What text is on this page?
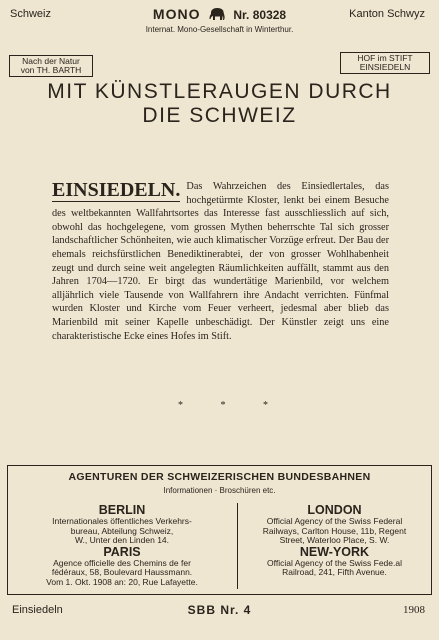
Schweiz	MONO	Nr. 80328
Internat. Mono-Gesellschaft in Winterthur.
Kanton Schwyz
Nach der Natur
von TH. BARTH
HOF im STIFT
EINSIEDELN
MIT KÜNSTLERAUGEN DURCH
DIE SCHWEIZ
EINSIEDELN. Das Wahrzeichen des Einsiedlertales, das hochgetürmte Kloster, lenkt bei einem Besuche des weltbekannten Wallfahrtsortes das Interesse fast ausschliesslich auf sich, obwohl das hochgelegene, vom grossen Mythen beherrschte Tal sich grosser landschaftlicher Schönheiten, wie auch klimatischer Vorzüge erfreut. Der Bau der ehemals reichsfürstlichen Benediktinerabtei, der von grosser Wohlhabenheit zeugt und durch seine weit angelegten Räumlichkeiten auffällt, stammt aus den Jahren 1704—1720. Er birgt das wundertätige Marienbild, vor welchem alljährlich viele Tausende von Wallfahrern ihre Andacht verrichten. Fünfmal wurden Kloster und Kirche vom Feuer verheert, jedesmal aber blieb das Marienbild mit seiner Kapelle unbeschädigt. Der Künstler zeigt uns eine charakteristische Ecke eines Hofes im Stift.
*	*	*
AGENTUREN DER SCHWEIZERISCHEN BUNDESBAHNEN
Informationen · Broschüren etc.
BERLIN
Internationales öffentliches Verkehrs-
bureau, Abteilung Schweiz,
W., Unter den Linden 14.
PARIS
Agence officielle des Chemins de fer
fédéraux, 58, Boulevard Haussmann.
Vom 1. Okt. 1908 an: 20, Rue Lafayette.
LONDON
Official Agency of the Swiss Federal
Railways, Carlton House, 11b, Regent
Street, Waterloo Place, S. W.
NEW-YORK
Official Agency of the Swiss Fede.al
Railroad, 241, Fifth Avenue.
Einsiedeln	SBB Nr. 4	1908
